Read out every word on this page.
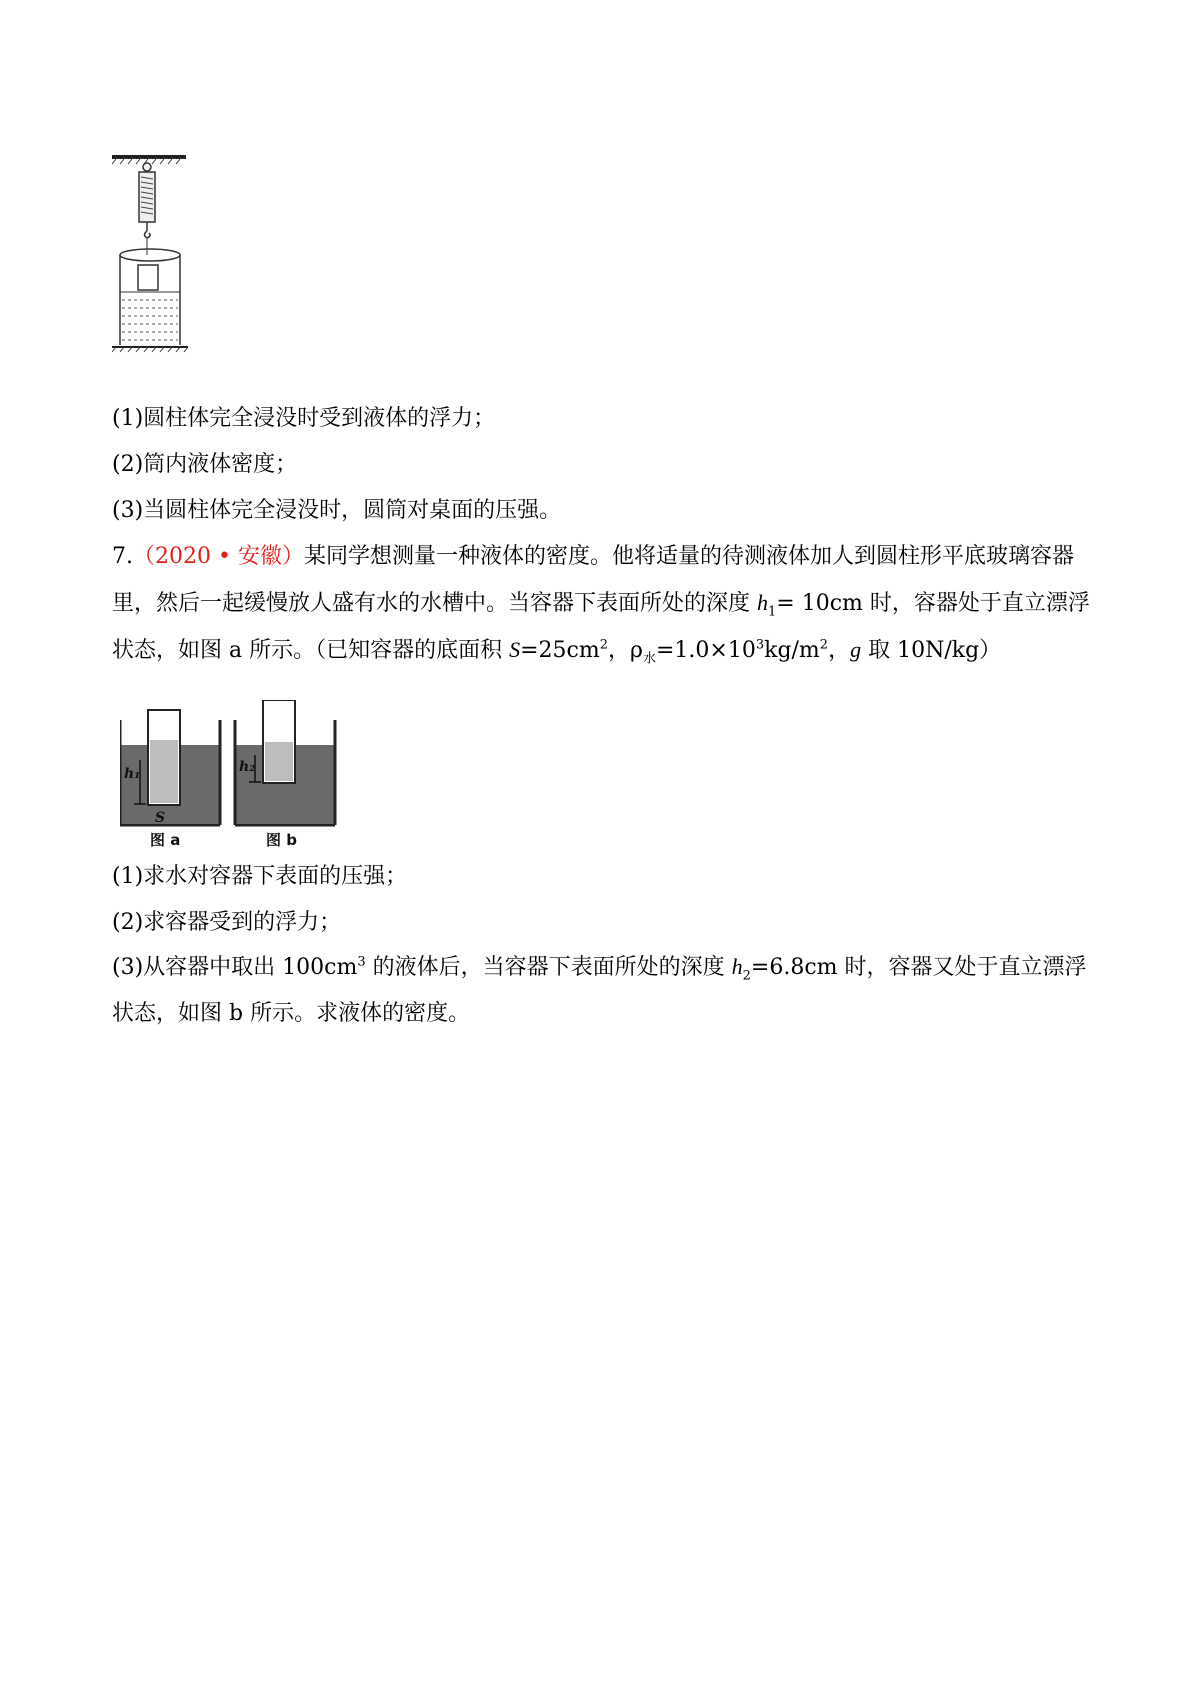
(1)圆柱体完全浸没时受到液体的浮力；
(2)筒内液体密度；
(3)当圆柱体完全浸没时，圆筒对桌面的压强。
7.（2020 • 安徽）某同学想测量一种液体的密度。他将适量的待测液体加人到圆柱形平底玻璃容器里，然后一起缓慢放人盛有水的水槽中。当容器下表面所处的深度 $h_1= 10cm$ 时，容器处于直立漂浮状态，如图 a 所示。（已知容器的底面积 $S=25cm^2$，$\rho_水=1.0\times 10^3kg/m^2$，g 取 10N/kg）
h₁
S
图 a
h₂
图 b
(1)求水对容器下表面的压强；
(2)求容器受到的浮力；
(3)从容器中取出 $100cm^3$ 的液体后，当容器下表面所处的深度 $h_2=6.8cm$ 时，容器又处于直立漂浮状态，如图 b 所示。求液体的密度。
